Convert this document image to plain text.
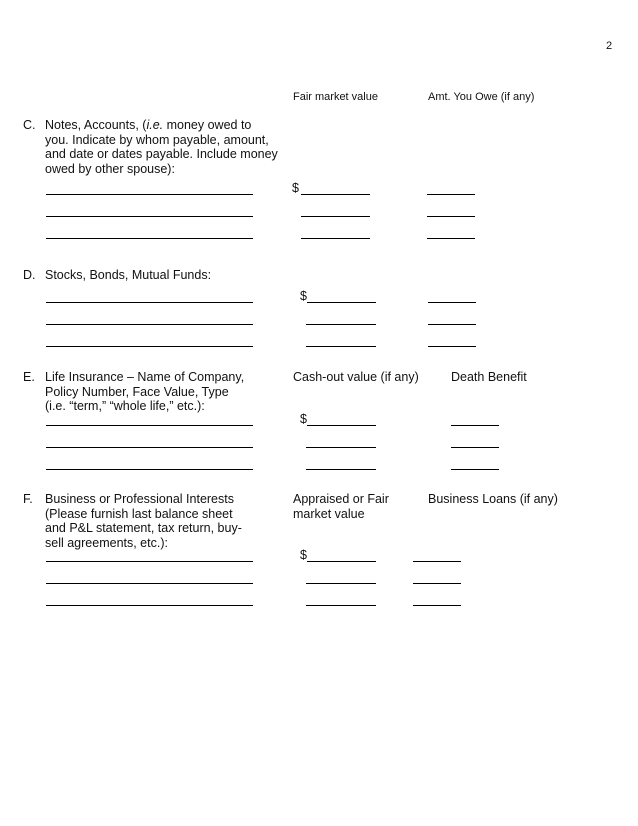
2
Fair market value	Amt. You Owe (if any)
C. Notes, Accounts, (i.e. money owed to
you. Indicate by whom payable, amount,
and date or dates payable. Include money
owed by other spouse):
$
D. Stocks, Bonds, Mutual Funds:
$
E. Life Insurance – Name of Company,
Policy Number, Face Value, Type
(i.e. “term,” “whole life,” etc.):
Cash-out value (if any)	Death Benefit
$
F. Business or Professional Interests
(Please furnish last balance sheet
and P&L statement, tax return, buy-
sell agreements, etc.):
Appraised or Fair
market value
Business Loans (if any)
$
